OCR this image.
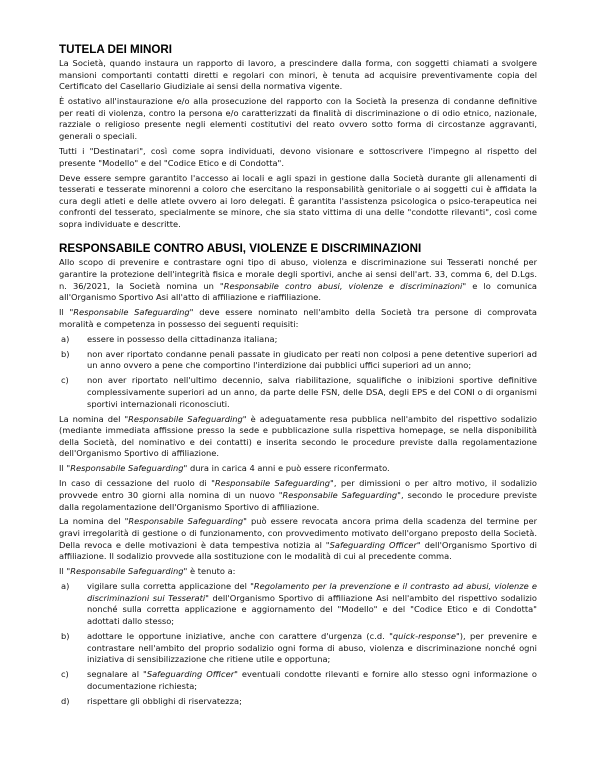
TUTELA DEI MINORI

La Società, quando instaura un rapporto di lavoro, a prescindere dalla forma, con soggetti chiamati a svolgere mansioni comportanti contatti diretti e regolari con minori, è tenuta ad acquisire preventivamente copia del Certificato del Casellario Giudiziale ai sensi della normativa vigente.

È ostativo all'instaurazione e/o alla prosecuzione del rapporto con la Società la presenza di condanne definitive per reati di violenza, contro la persona e/o caratterizzati da finalità di discriminazione o di odio etnico, nazionale, razziale o religioso presente negli elementi costitutivi del reato ovvero sotto forma di circostanze aggravanti, generali o speciali.

Tutti i "Destinatari", così come sopra individuati, devono visionare e sottoscrivere l'impegno al rispetto del presente "Modello" e del "Codice Etico e di Condotta".

Deve essere sempre garantito l'accesso ai locali e agli spazi in gestione dalla Società durante gli allenamenti di tesserati e tesserate minorenni a coloro che esercitano la responsabilità genitoriale o ai soggetti cui è affidata la cura degli atleti e delle atlete ovvero ai loro delegati. È garantita l'assistenza psicologica o psico-terapeutica nei confronti del tesserato, specialmente se minore, che sia stato vittima di una delle "condotte rilevanti", così come sopra individuate e descritte.

RESPONSABILE CONTRO ABUSI, VIOLENZE E DISCRIMINAZIONI

Allo scopo di prevenire e contrastare ogni tipo di abuso, violenza e discriminazione sui Tesserati nonché per garantire la protezione dell'integrità fisica e morale degli sportivi, anche ai sensi dell'art. 33, comma 6, del D.Lgs. n. 36/2021, la Società nomina un "Responsabile contro abusi, violenze e discriminazioni" e lo comunica all'Organismo Sportivo Asi all'atto di affiliazione e riaffiliazione.

Il "Responsabile Safeguarding" deve essere nominato nell'ambito della Società tra persone di comprovata moralità e competenza in possesso dei seguenti requisiti:

a)	essere in possesso della cittadinanza italiana;
b)	non aver riportato condanne penali passate in giudicato per reati non colposi a pene detentive superiori ad un anno ovvero a pene che comportino l'interdizione dai pubblici uffici superiori ad un anno;
c)	non aver riportato nell'ultimo decennio, salva riabilitazione, squalifiche o inibizioni sportive definitive complessivamente superiori ad un anno, da parte delle FSN, delle DSA, degli EPS e del CONI o di organismi sportivi internazionali riconosciuti.

La nomina del "Responsabile Safeguarding" è adeguatamente resa pubblica nell'ambito del rispettivo sodalizio (mediante immediata affissione presso la sede e pubblicazione sulla rispettiva homepage, se nella disponibilità della Società, del nominativo e dei contatti) e inserita secondo le procedure previste dalla regolamentazione dell'Organismo Sportivo di affiliazione.

Il "Responsabile Safeguarding" dura in carica 4 anni e può essere riconfermato.

In caso di cessazione del ruolo di "Responsabile Safeguarding", per dimissioni o per altro motivo, il sodalizio provvede entro 30 giorni alla nomina di un nuovo "Responsabile Safeguarding", secondo le procedure previste dalla regolamentazione dell'Organismo Sportivo di affiliazione.

La nomina del "Responsabile Safeguarding" può essere revocata ancora prima della scadenza del termine per gravi irregolarità di gestione o di funzionamento, con provvedimento motivato dell'organo preposto della Società. Della revoca e delle motivazioni è data tempestiva notizia al "Safeguarding Officer" dell'Organismo Sportivo di affiliazione. Il sodalizio provvede alla sostituzione con le modalità di cui al precedente comma.

Il "Responsabile Safeguarding" è tenuto a:

a)	vigilare sulla corretta applicazione del "Regolamento per la prevenzione e il contrasto ad abusi, violenze e discriminazioni sui Tesserati" dell'Organismo Sportivo di affiliazione Asi nell'ambito del rispettivo sodalizio nonché sulla corretta applicazione e aggiornamento del "Modello" e del "Codice Etico e di Condotta" adottati dallo stesso;
b)	adottare le opportune iniziative, anche con carattere d'urgenza (c.d. "quick-response"), per prevenire e contrastare nell'ambito del proprio sodalizio ogni forma di abuso, violenza e discriminazione nonché ogni iniziativa di sensibilizzazione che ritiene utile e opportuna;
c)	segnalare al "Safeguarding Officer" eventuali condotte rilevanti e fornire allo stesso ogni informazione o documentazione richiesta;
d)	rispettare gli obblighi di riservatezza;
